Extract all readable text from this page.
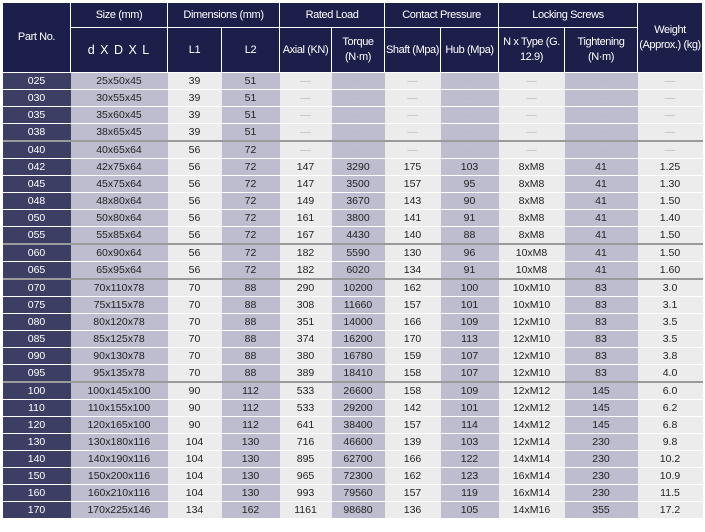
Part No.	Size (mm)	Dimensions (mm)		Rated Load		Contact Pressure		Locking Screws		Weight (Approx.) (kg)
	d X D X L	L1	L2	Axial (KN)	Torque (N·m)	Shaft (Mpa)	Hub (Mpa)	N x Type (G. 12.9)	Tightening (N·m)	
025	25x50x45	39	51	—	—	—	—	—	—	—
030	30x55x45	39	51	—	—	—	—	—	—	—
035	35x60x45	39	51	—	—	—	—	—	—	—
038	38x65x45	39	51	—	—	—	—	—	—	—
040	40x65x64	56	72	—	—	—	—	—	—	—
042	42x75x64	56	72	147	3290	175	103	8xM8	41	1.25
045	45x75x64	56	72	147	3500	157	95	8xM8	41	1.30
048	48x80x64	56	72	149	3670	143	90	8xM8	41	1.50
050	50x80x64	56	72	161	3800	141	91	8xM8	41	1.40
055	55x85x64	56	72	167	4430	140	88	8xM8	41	1.50
060	60x90x64	56	72	182	5590	130	96	10xM8	41	1.50
065	65x95x64	56	72	182	6020	134	91	10xM8	41	1.60
070	70x110x78	70	88	290	10200	162	100	10xM10	83	3.0
075	75x115x78	70	88	308	11660	157	101	10xM10	83	3.1
080	80x120x78	70	88	351	14000	166	109	12xM10	83	3.5
085	85x125x78	70	88	374	16200	170	113	12xM10	83	3.5
090	90x130x78	70	88	380	16780	159	107	12xM10	83	3.8
095	95x135x78	70	88	389	18410	158	107	12xM10	83	4.0
100	100x145x100	90	112	533	26600	158	109	12xM12	145	6.0
110	110x155x100	90	112	533	29200	142	101	12xM12	145	6.2
120	120x165x100	90	112	641	38400	157	114	14xM12	145	6.8
130	130x180x116	104	130	716	46600	139	103	12xM14	230	9.8
140	140x190x116	104	130	895	62700	166	122	14xM14	230	10.2
150	150x200x116	104	130	965	72300	162	123	16xM14	230	10.9
160	160x210x116	104	130	993	79560	157	119	16xM14	230	11.5
170	170x225x146	134	162	1161	98680	136	105	14xM16	355	17.2
